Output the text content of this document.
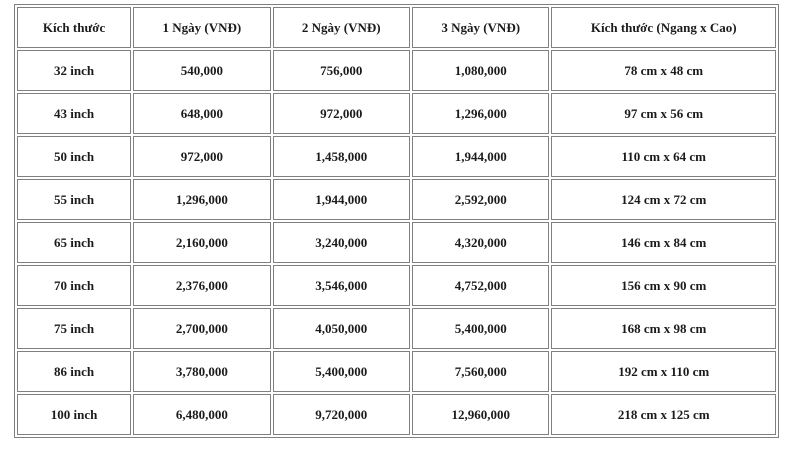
Kích thước	1 Ngày (VNĐ)	2 Ngày (VNĐ)	3 Ngày (VNĐ)	Kích thước (Ngang x Cao)
32 inch	540,000	756,000	1,080,000	78 cm x 48 cm
43 inch	648,000	972,000	1,296,000	97 cm x 56 cm
50 inch	972,000	1,458,000	1,944,000	110 cm x 64 cm
55 inch	1,296,000	1,944,000	2,592,000	124 cm x 72 cm
65 inch	2,160,000	3,240,000	4,320,000	146 cm x 84 cm
70 inch	2,376,000	3,546,000	4,752,000	156 cm x 90 cm
75 inch	2,700,000	4,050,000	5,400,000	168 cm x 98 cm
86 inch	3,780,000	5,400,000	7,560,000	192 cm x 110 cm
100 inch	6,480,000	9,720,000	12,960,000	218 cm x 125 cm
